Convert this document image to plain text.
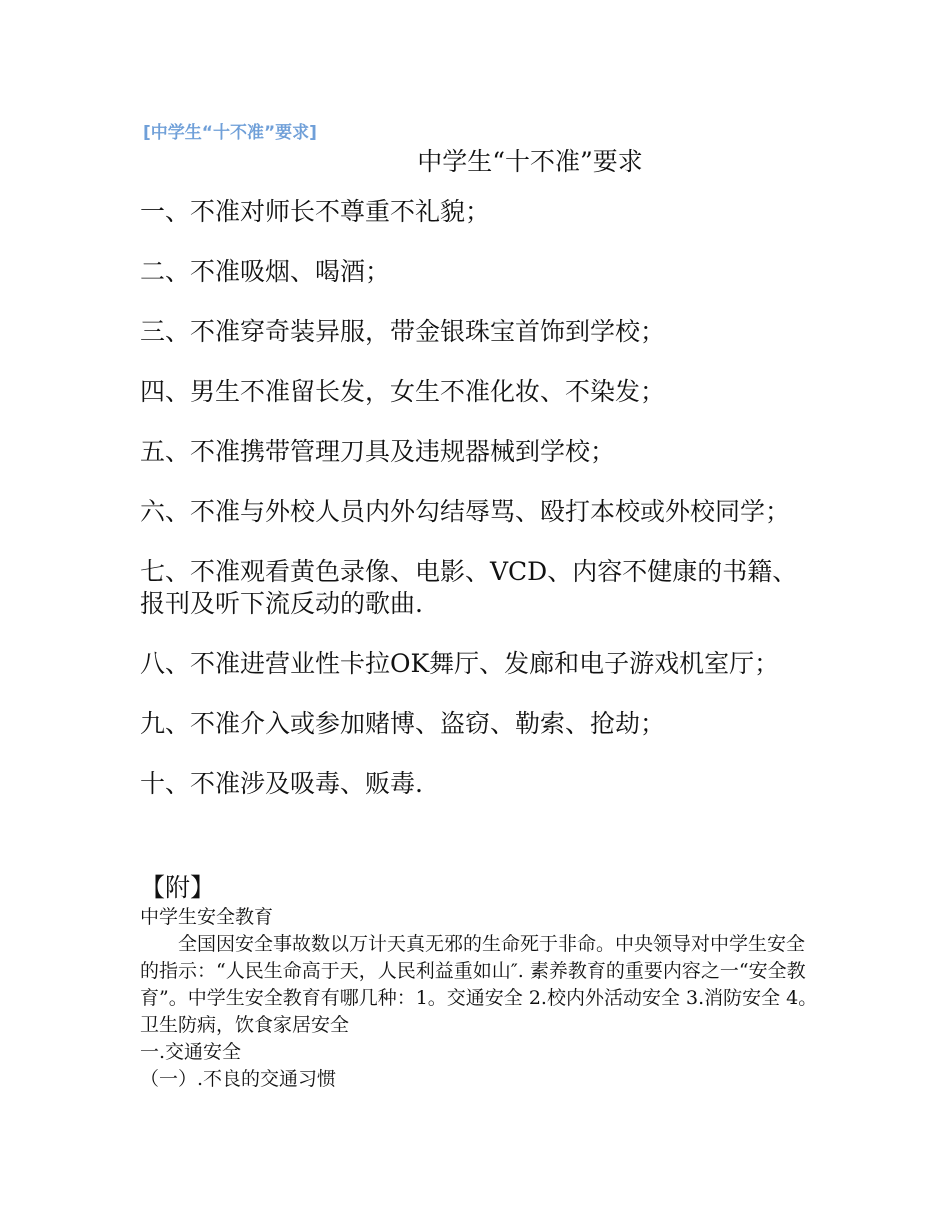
[中学生“十不准”要求]
中学生“十不准”要求
一、不准对师长不尊重不礼貌；
二、不准吸烟、喝酒；
三、不准穿奇装异服，带金银珠宝首饰到学校；
四、男生不准留长发，女生不准化妆、不染发；
五、不准携带管理刀具及违规器械到学校；
六、不准与外校人员内外勾结辱骂、殴打本校或外校同学；
七、不准观看黄色录像、电影、VCD、内容不健康的书籍、报刊及听下流反动的歌曲.
八、不准进营业性卡拉OK舞厅、发廊和电子游戏机室厅；
九、不准介入或参加赌博、盗窃、勒索、抢劫；
十、不准涉及吸毒、贩毒.
【附】
中学生安全教育

全国因安全事故数以万计天真无邪的生命死于非命。中央领导对中学生安全的指示：“人民生命高于天，人民利益重如山″. 素养教育的重要内容之一“安全教育”。中学生安全教育有哪几种：1。交通安全 2.校内外活动安全 3.消防安全 4。卫生防病，饮食家居安全

一.交通安全
（一）.不良的交通习惯
